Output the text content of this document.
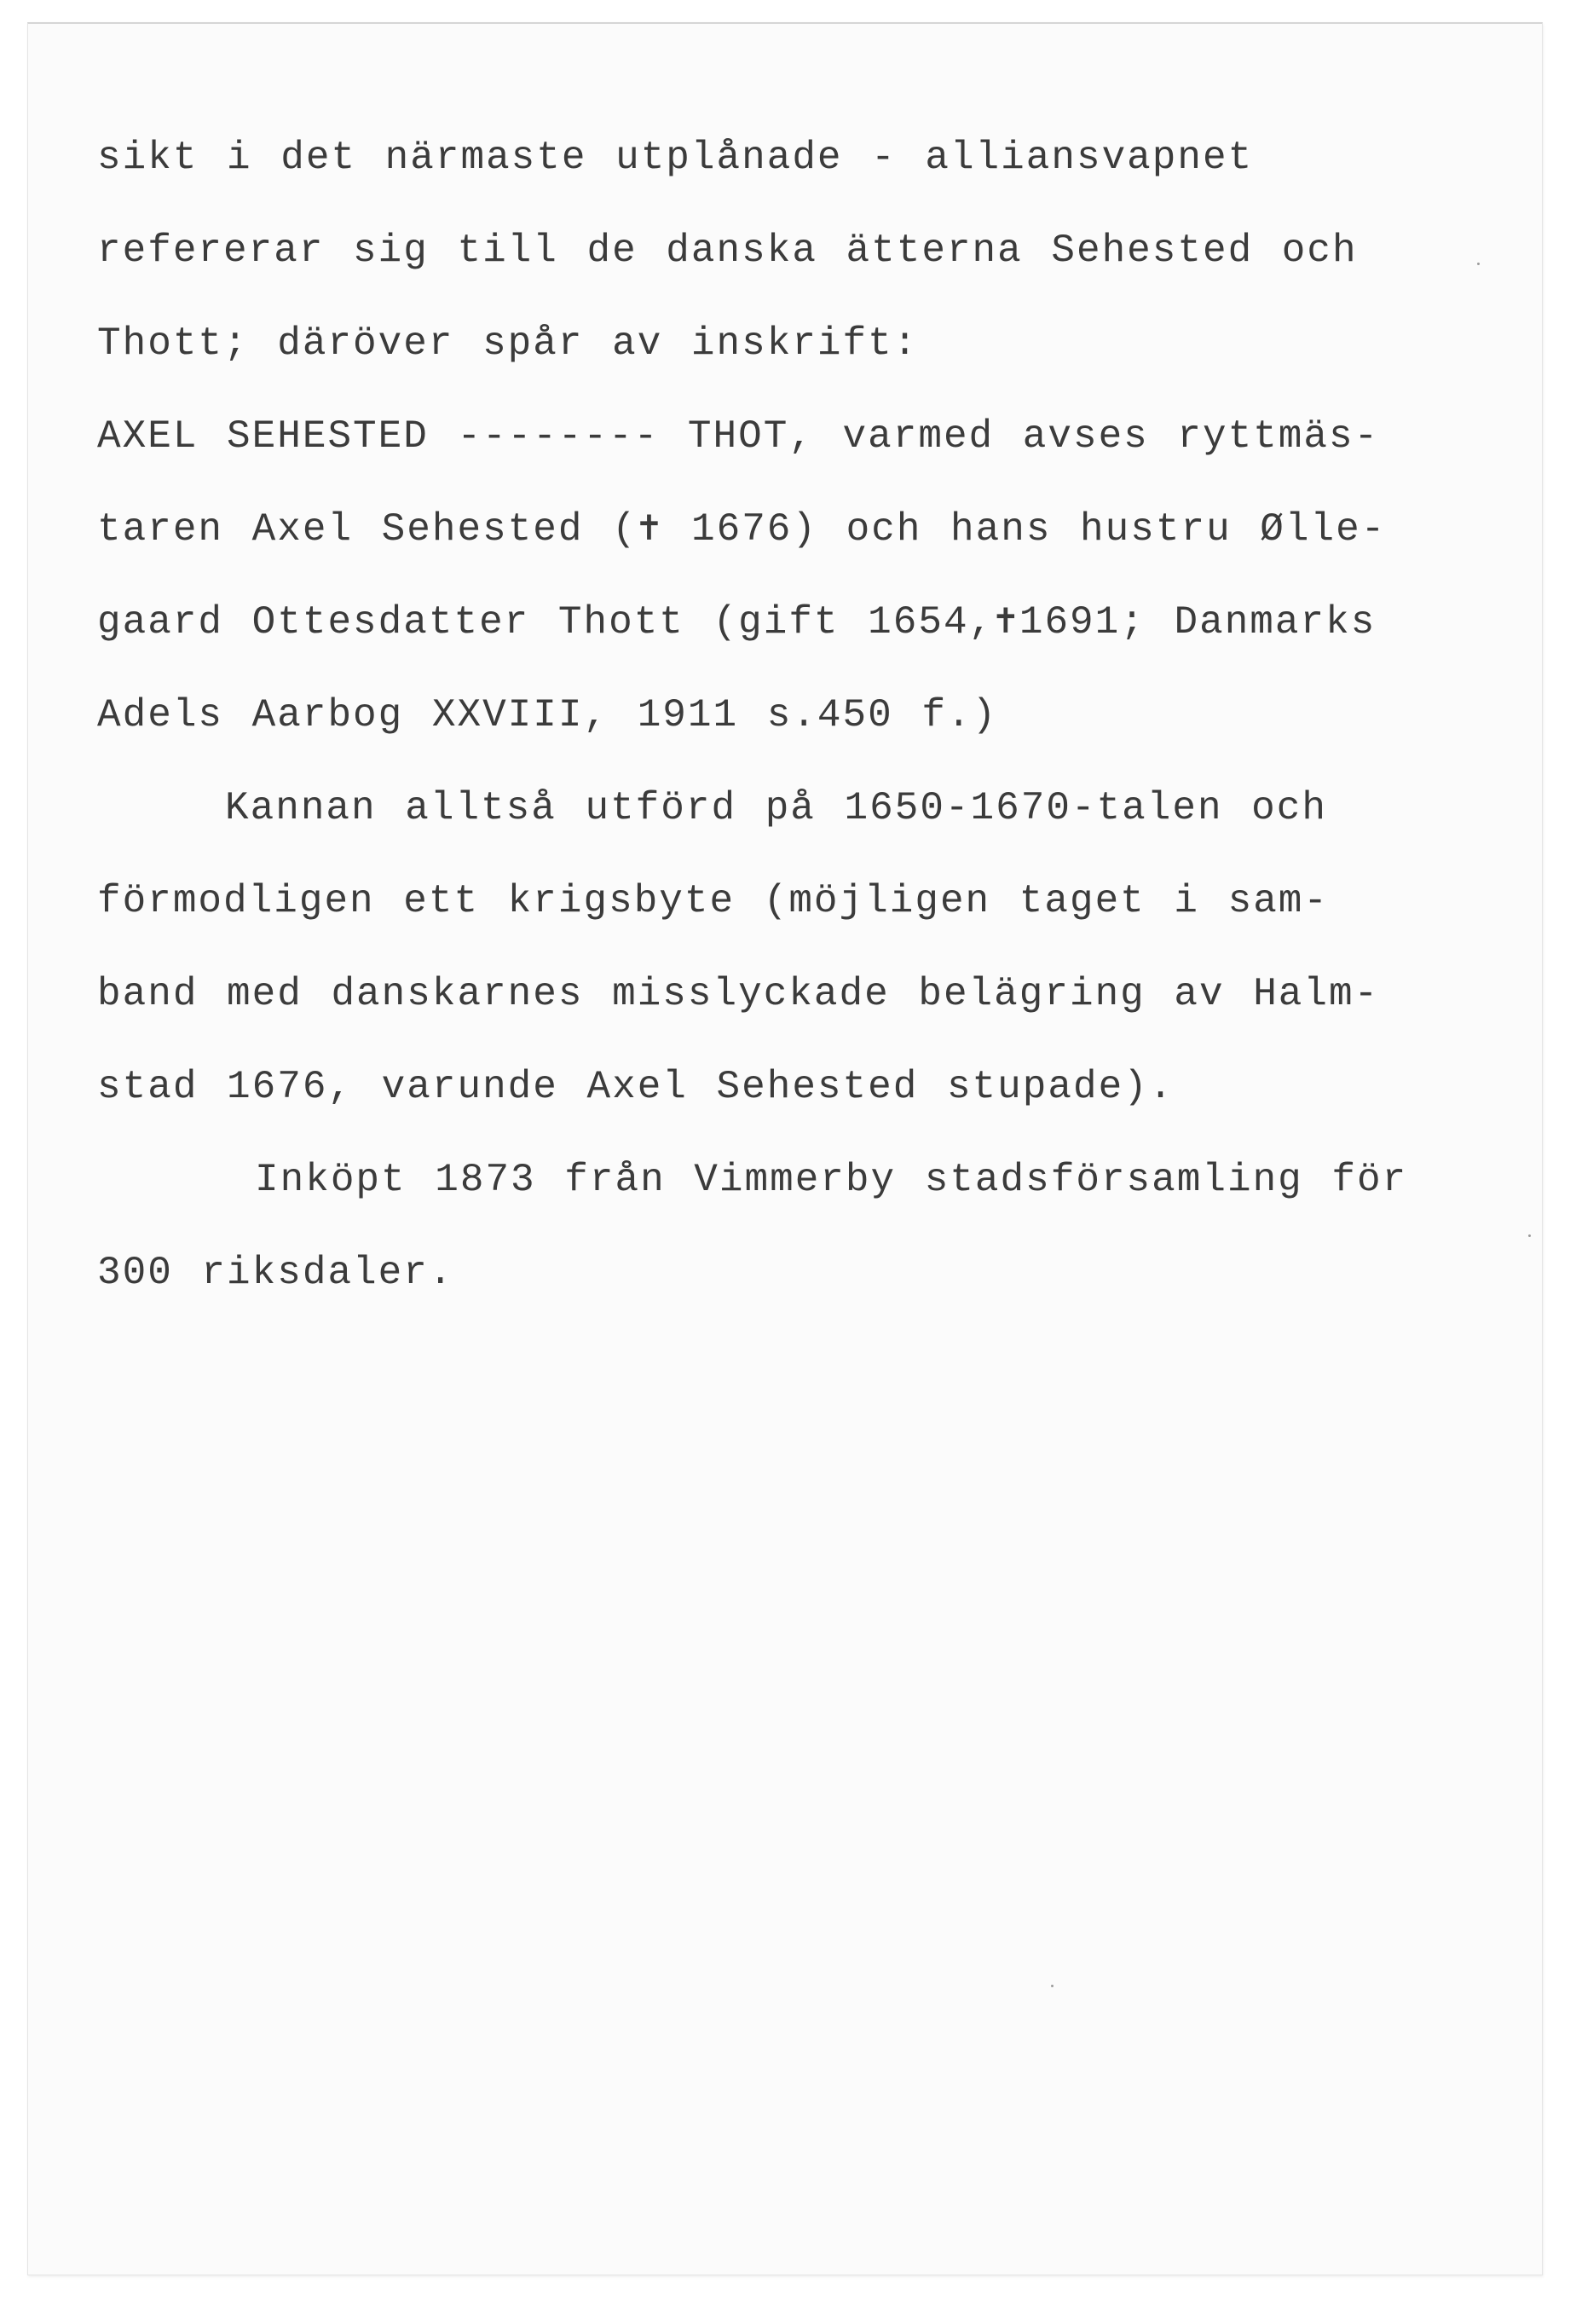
sikt i det närmaste utplånade - alliansvapnet
refererar sig till de danska ätterna Sehested och
Thott; däröver spår av inskrift:
AXEL SEHESTED -------- THOT, varmed avses ryttmäs-
taren Axel Sehested (✝ 1676) och hans hustru Ølle-
gaard Ottesdatter Thott (gift 1654,✝1691; Danmarks
Adels Aarbog XXVIII, 1911 s.450 f.)
Kannan alltså utförd på 1650-1670-talen och
förmodligen ett krigsbyte (möjligen taget i sam-
band med danskarnes misslyckade belägring av Halm-
stad 1676, varunde Axel Sehested stupade).
Inköpt 1873 från Vimmerby stadsförsamling för
300 riksdaler.
